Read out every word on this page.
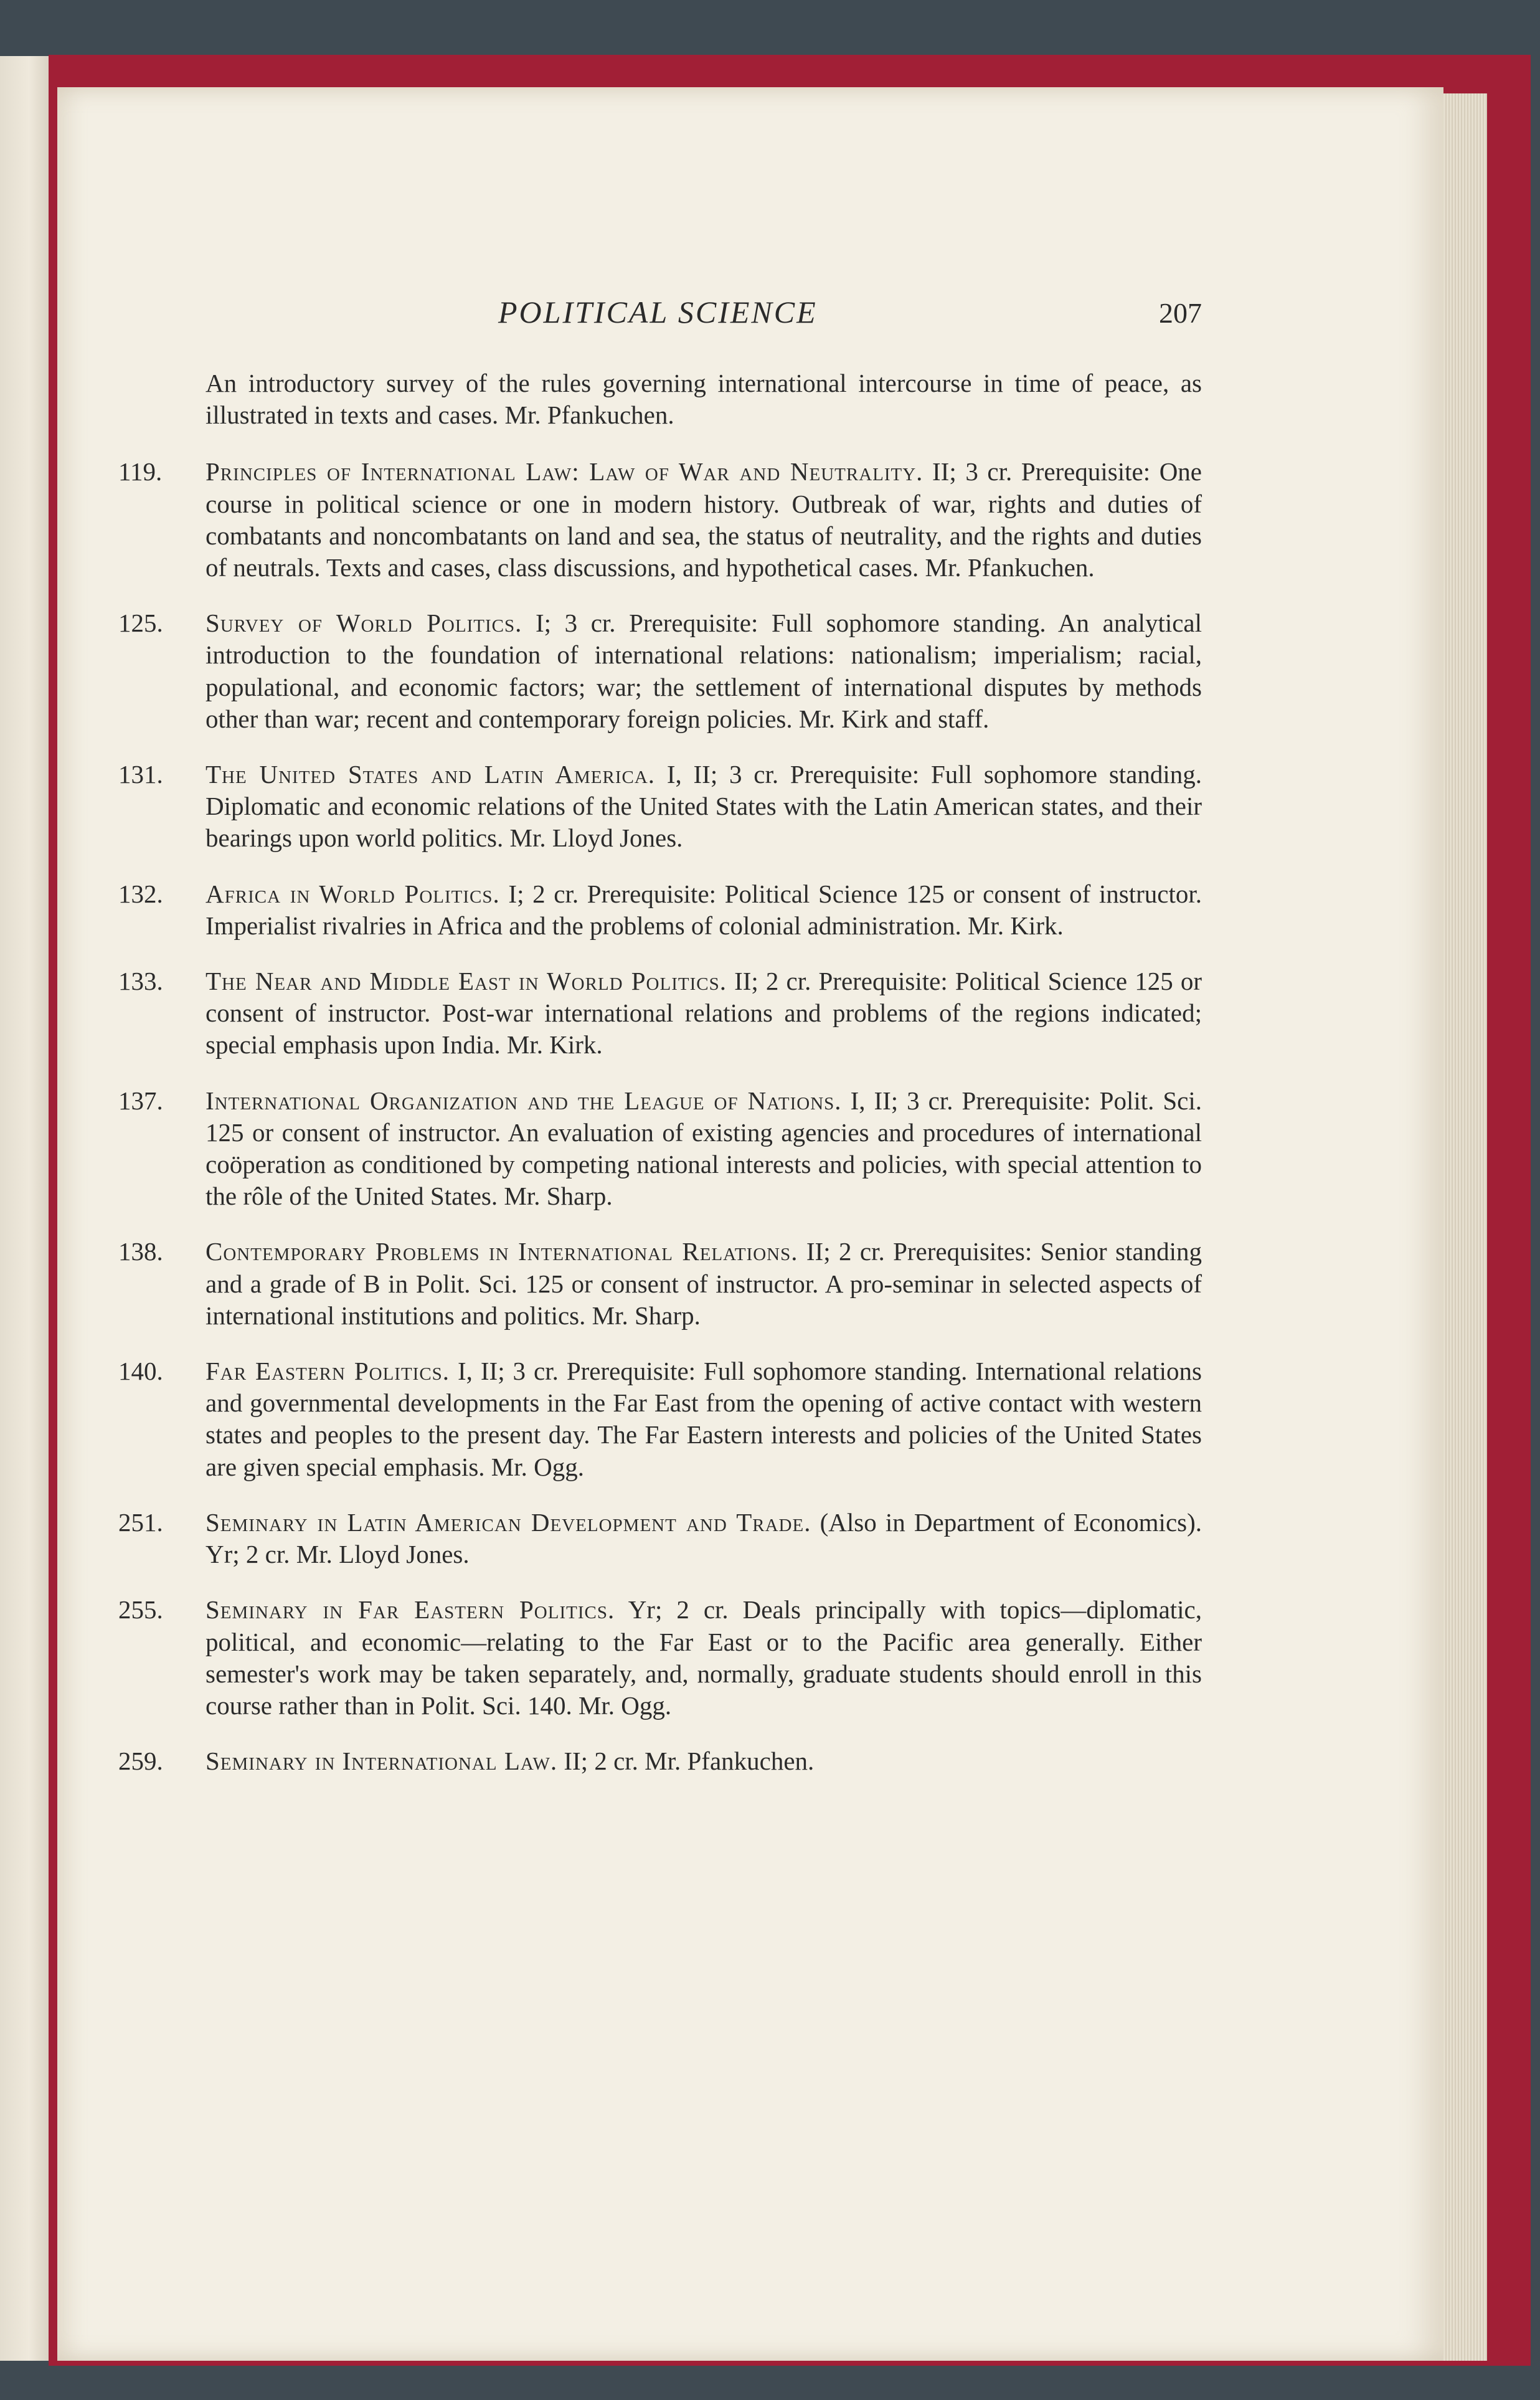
POLITICAL SCIENCE	207

An introductory survey of the rules governing international intercourse in time of peace, as illustrated in texts and cases. Mr. Pfankuchen.

119. Principles of International Law: Law of War and Neutrality. II; 3 cr. Prerequisite: One course in political science or one in modern history. Outbreak of war, rights and duties of combatants and noncombatants on land and sea, the status of neutrality, and the rights and duties of neutrals. Texts and cases, class discussions, and hypothetical cases. Mr. Pfankuchen.
125. Survey of World Politics. I; 3 cr. Prerequisite: Full sophomore standing. An analytical introduction to the foundation of international relations: nationalism; imperialism; racial, populational, and economic factors; war; the settlement of international disputes by methods other than war; recent and contemporary foreign policies. Mr. Kirk and staff.
131. The United States and Latin America. I, II; 3 cr. Prerequisite: Full sophomore standing. Diplomatic and economic relations of the United States with the Latin American states, and their bearings upon world politics. Mr. Lloyd Jones.
132. Africa in World Politics. I; 2 cr. Prerequisite: Political Science 125 or consent of instructor. Imperialist rivalries in Africa and the problems of colonial administration. Mr. Kirk.
133. The Near and Middle East in World Politics. II; 2 cr. Prerequisite: Political Science 125 or consent of instructor. Post-war international relations and problems of the regions indicated; special emphasis upon India. Mr. Kirk.
137. International Organization and the League of Nations. I, II; 3 cr. Prerequisite: Polit. Sci. 125 or consent of instructor. An evaluation of existing agencies and procedures of international coöperation as conditioned by competing national interests and policies, with special attention to the rôle of the United States. Mr. Sharp.
138. Contemporary Problems in International Relations. II; 2 cr. Prerequisites: Senior standing and a grade of B in Polit. Sci. 125 or consent of instructor. A pro-seminar in selected aspects of international institutions and politics. Mr. Sharp.
140. Far Eastern Politics. I, II; 3 cr. Prerequisite: Full sophomore standing. International relations and governmental developments in the Far East from the opening of active contact with western states and peoples to the present day. The Far Eastern interests and policies of the United States are given special emphasis. Mr. Ogg.
251. Seminary in Latin American Development and Trade. (Also in Department of Economics). Yr; 2 cr. Mr. Lloyd Jones.
255. Seminary in Far Eastern Politics. Yr; 2 cr. Deals principally with topics—diplomatic, political, and economic—relating to the Far East or to the Pacific area generally. Either semester's work may be taken separately, and, normally, graduate students should enroll in this course rather than in Polit. Sci. 140. Mr. Ogg.
259. Seminary in International Law. II; 2 cr. Mr. Pfankuchen.
